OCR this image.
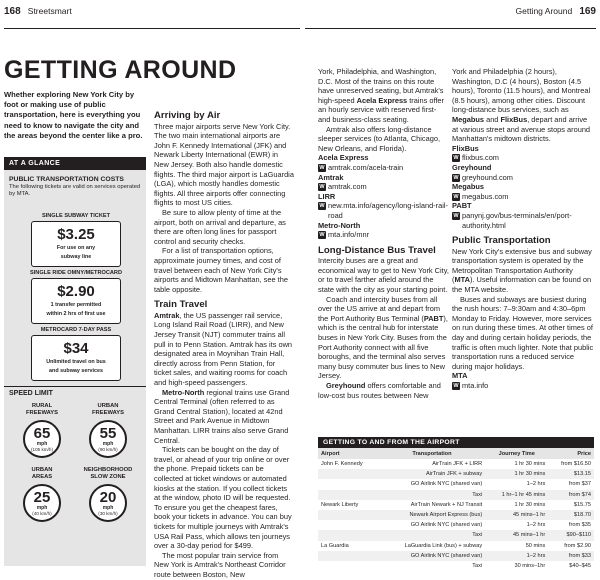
168 Streetsmart	Getting Around 169
GETTING AROUND

Whether exploring New York City by foot or making use of public transportation, here is everything you need to know to navigate the city and the areas beyond the center like a pro.

AT A GLANCE
PUBLIC TRANSPORTATION COSTS
The following tickets are valid on services operated by MTA.
SINGLE SUBWAY TICKET
$3.25
For use on any
subway line
SINGLE RIDE OMNY/METROCARD
$2.90
1 transfer permitted
within 2 hrs of first use
METROCARD 7-DAY PASS
$34
Unlimited travel on bus
and subway services
SPEED LIMIT
RURAL
FREEWAYS
65
mph
(105 km/h)
URBAN
FREEWAYS
55
mph
(90 km/h)
URBAN
AREAS
25
mph
(40 km/h)
NEIGHBORHOOD
SLOW ZONE
20
mph
(30 km/h)
Arriving by Air

Three major airports serve New York City. The two main international airports are John F. Kennedy International (JFK) and Newark Liberty International (EWR) in New Jersey. Both also handle domestic flights. The third major airport is LaGuardia (LGA), which mostly handles domestic flights. All three airports offer connecting flights to most US cities.

Be sure to allow plenty of time at the airport, both on arrival and departure, as there are often long lines for passport control and security checks.

For a list of transportation options, approximate journey times, and cost of travel between each of New York City's airports and Midtown Manhattan, see the table opposite.

Train Travel

Amtrak, the US passenger rail service, Long Island Rail Road (LIRR), and New Jersey Transit (NJT) commuter trains all pull in to Penn Station. Amtrak has its own designated area in Moynihan Train Hall, directly across from Penn Station, for ticket sales, and waiting rooms for coach and high-speed passengers.

Metro-North regional trains use Grand Central Terminal (often referred to as Grand Central Station), located at 42nd Street and Park Avenue in Midtown Manhattan. LIRR trains also serve Grand Central.

Tickets can be bought on the day of travel, or ahead of your trip online or over the phone. Prepaid tickets can be collected at ticket windows or automated kiosks at the station. If you collect tickets at the window, photo ID will be requested. To ensure you get the cheapest fares, book your tickets in advance. You can buy tickets for multiple journeys with Amtrak's USA Rail Pass, which allows ten journeys over a 30-day period for $499.

The most popular train service from New York is Amtrak's Northeast Corridor route between Boston, New

York, Philadelphia, and Washington, D.C. Most of the trains on this route have unreserved seating, but Amtrak's high-speed Acela Express trains offer an hourly service with reserved first- and business-class seating.

Amtrak also offers long-distance sleeper services (to Atlanta, Chicago, New Orleans, and Florida).

Acela Express
W amtrak.com/acela-train
Amtrak
W amtrak.com
LIRR
W new.mta.info/agency/long-island-rail-road
Metro-North
W mta.info/mnr
Long-Distance Bus Travel

Intercity buses are a great and economical way to get to New York City, or to travel farther afield around the state with the city as your starting point.

Coach and intercity buses from all over the US arrive at and depart from the Port Authority Bus Terminal (PABT), which is the central hub for interstate buses in New York City. Buses from the Port Authority connect with all five boroughs, and the terminal also serves many busy commuter bus lines to New Jersey.

Greyhound offers comfortable and low-cost bus routes between New

York and Philadelphia (2 hours), Washington, D.C (4 hours), Boston (4.5 hours), Toronto (11.5 hours), and Montreal (8.5 hours), among other cities. Discount long-distance bus services, such as Megabus and FlixBus, depart and arrive at various street and avenue stops around Manhattan's midtown districts.

FlixBus
W flixbus.com
Greyhound
W greyhound.com
Megabus
W megabus.com
PABT
W panynj.gov/bus-terminals/en/port-authority.html
Public Transportation

New York City's extensive bus and subway transportation system is operated by the Metropolitan Transportation Authority (MTA). Useful information can be found on the MTA website.

Buses and subways are busiest during the rush hours: 7–9:30am and 4:30–6pm Monday to Friday. However, more services on run during these times. At other times of day and during certain holiday periods, the traffic is often much lighter. Note that public transportation runs a reduced service during major holidays.

MTA
W mta.info
GETTING TO AND FROM THE AIRPORT
Airport	Transportation	Journey Time	Price
John F. Kennedy	AirTrain JFK + LIRR	1 hr 30 mins	from $16.50
	AirTrain JFK + subway	1 hr 30 mins	$13.15
	GO Airlink NYC (shared van)	1–2 hrs	from $37
	Taxi	1 hr–1 hr 45 mins	from $74
Newark Liberty	AirTrain Newark + NJ Transit	1 hr 30 mins	$15.75
	Newark Airport Express (bus)	45 mins–1 hr	$18.70
	GO Airlink NYC (shared van)	1–2 hrs	from $35
	Taxi	45 mins–1 hr	$90–$110
La Guardia	LaGuardia Link (bus) + subway	50 mins	from $2.90
	GO Airlink NYC (shared van)	1–2 hrs	from $33
	Taxi	30 mins–1hr	$40–$45
